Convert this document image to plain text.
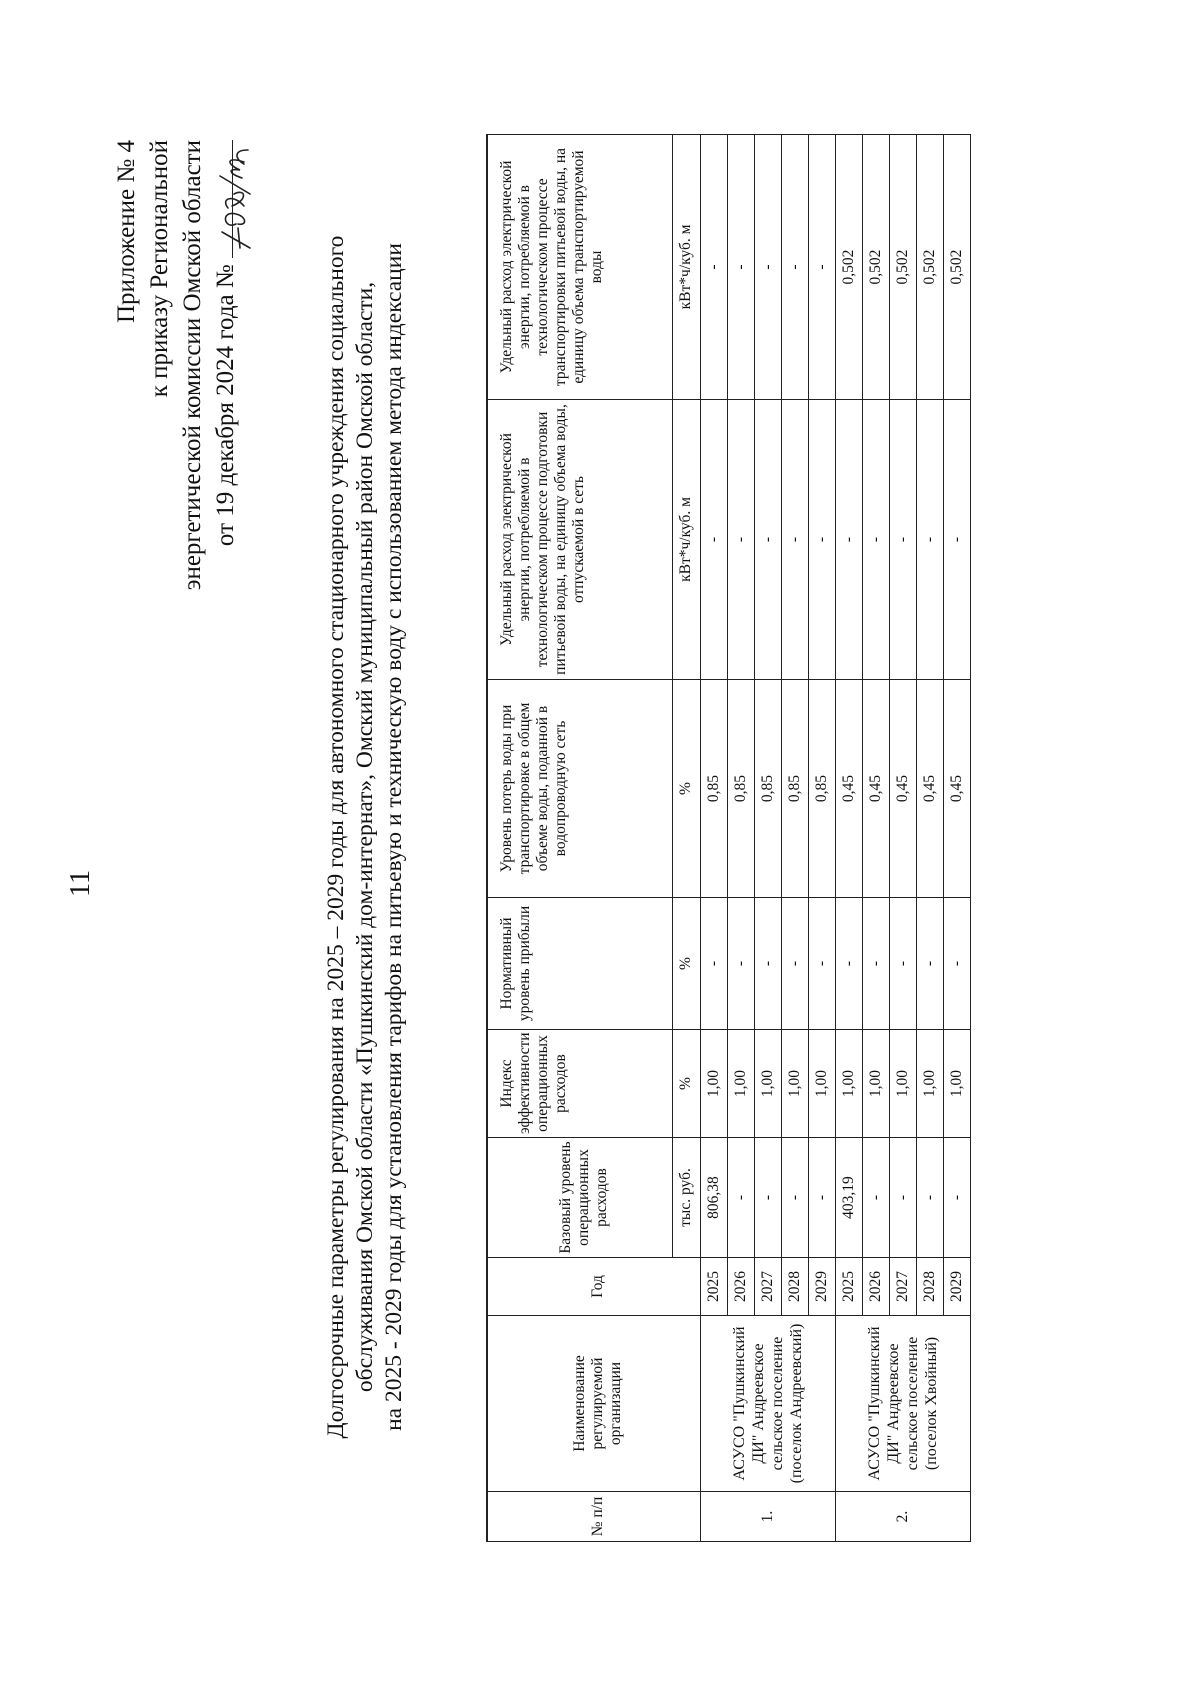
11
Приложение № 4 к приказу Региональной энергетической комиссии Омской области от 19 декабря 2024 года №	Долгосрочные параметры регулирования на 2025 – 2029 годы для автономного стационарного учреждения социального обслуживания Омской области «Пушкинский дом-интернат», Омский муниципальный район Омской области, на 2025 - 2029 годы для установления тарифов на питьевую и техническую воду с использованием метода индексации
№ п/п	Наименование регулируемой организации	Год	Базовый уровень операционных расходов	Индекс эффективности операционных расходов	Нормативный уровень прибыли	Уровень потерь воды при транспортировке в общем объеме воды, поданной в водопроводную сеть	Удельный расход электрической энергии, потребляемой в технологическом процессе подготовки питьевой воды, на единицу объема воды, отпускаемой в сеть	Удельный расход электрической энергии, потребляемой в технологическом процессе транспортировки питьевой воды, на единицу объема транспортируемой воды
			тыс. руб.	%	%	%	кВт*ч/куб. м	кВт*ч/куб. м
1.	АСУСО "Пушкинский ДИ" Андреевское сельское поселение (поселок Андреевский)	2025	806,38	1,00	-	0,85	-	-
		2026	-	1,00	-	0,85	-	-
		2027	-	1,00	-	0,85	-	-
		2028	-	1,00	-	0,85	-	-
		2029	-	1,00	-	0,85	-	-
2.	АСУСО "Пушкинский ДИ" Андреевское сельское поселение (поселок Хвойный)	2025	403,19	1,00	-	0,45	-	0,502
		2026	-	1,00	-	0,45	-	0,502
		2027	-	1,00	-	0,45	-	0,502
		2028	-	1,00	-	0,45	-	0,502
		2029	-	1,00	-	0,45	-	0,502
